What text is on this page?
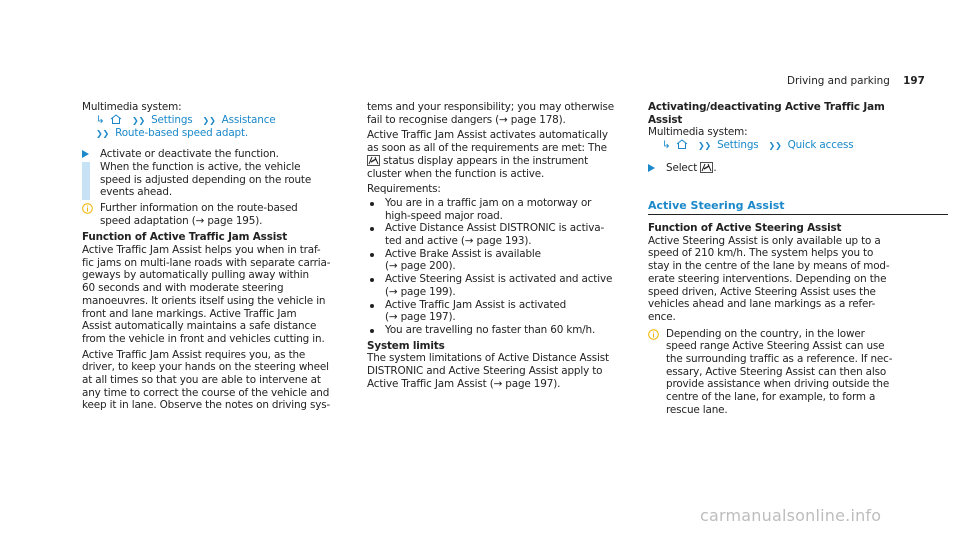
Driving and parking 197

Multimedia system:

↳	❯❯ Settings ❯❯ Assistance

❯❯ Route-based speed adapt.

Activate or deactivate the function.

When the function is active, the vehicle

speed is adjusted depending on the route

events ahead.

Further information on the route-based

speed adaptation (→ page 195).

Function of Active Traffic Jam Assist

Active Traffic Jam Assist helps you when in traf-

fic jams on multi-lane roads with separate carria-

geways by automatically pulling away within

60 seconds and with moderate steering

manoeuvres. It orients itself using the vehicle in

front and lane markings. Active Traffic Jam

Assist automatically maintains a safe distance

from the vehicle in front and vehicles cutting in.

Active Traffic Jam Assist requires you, as the

driver, to keep your hands on the steering wheel

at all times so that you are able to intervene at

any time to correct the course of the vehicle and

keep it in lane. Observe the notes on driving sys-

tems and your responsibility; you may otherwise

fail to recognise dangers (→ page 178).

Active Traffic Jam Assist activates automatically

as soon as all of the requirements are met: The

status display appears in the instrument

cluster when the function is active.

Requirements:

You are in a traffic jam on a motorway or

high-speed major road.

Active Distance Assist DISTRONIC is activa-

ted and active (→ page 193).

Active Brake Assist is available

(→ page 200).

Active Steering Assist is activated and active

(→ page 199).

Active Traffic Jam Assist is activated

(→ page 197).

You are travelling no faster than 60 km/h.

System limits

The system limitations of Active Distance Assist

DISTRONIC and Active Steering Assist apply to

Active Traffic Jam Assist (→ page 197).

Activating/deactivating Active Traffic Jam

Assist

Multimedia system:

↳	❯❯ Settings ❯❯ Quick access

Select .

Active Steering Assist

Function of Active Steering Assist

Active Steering Assist is only available up to a

speed of 210 km/h. The system helps you to

stay in the centre of the lane by means of mod-

erate steering interventions. Depending on the

speed driven, Active Steering Assist uses the

vehicles ahead and lane markings as a refer-

ence.

Depending on the country, in the lower

speed range Active Steering Assist can use

the surrounding traffic as a reference. If nec-

essary, Active Steering Assist can then also

provide assistance when driving outside the

centre of the lane, for example, to form a

rescue lane.

carmanualsonline.info
